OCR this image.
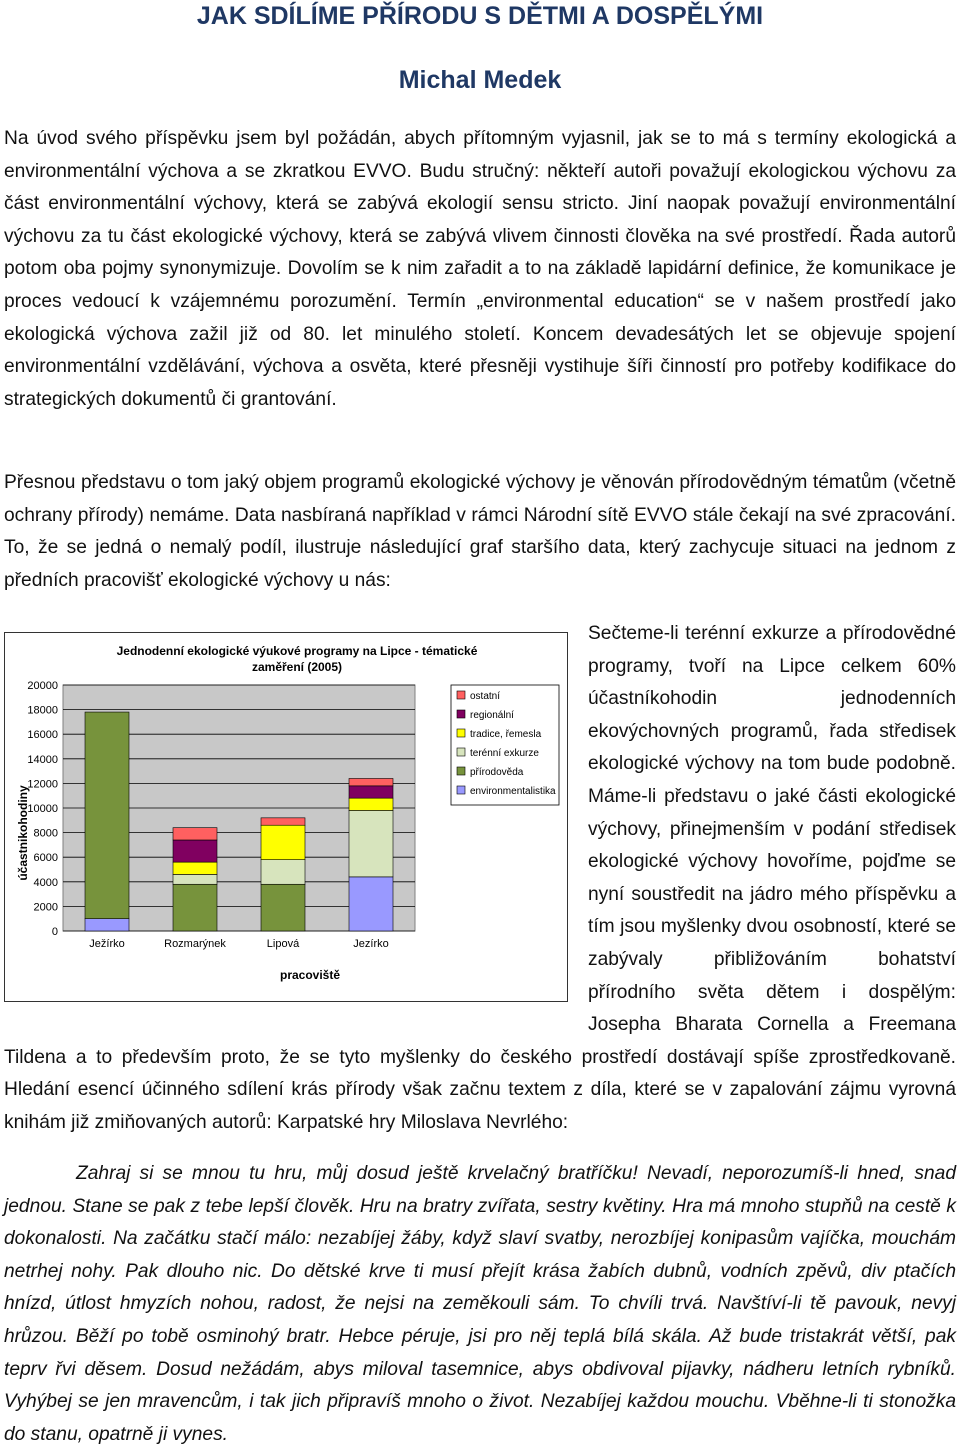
JAK SDÍLÍME PŘÍRODU S DĚTMI A DOSPĚLÝMI
Michal Medek

Na úvod svého příspěvku jsem byl požádán, abych přítomným vyjasnil, jak se to má s termíny ekologická a environmentální výchova a se zkratkou EVVO. Budu stručný: někteří autoři považují ekologickou výchovu za část environmentální výchovy, která se zabývá ekologií sensu stricto. Jiní naopak považují environmentální výchovu za tu část ekologické výchovy, která se zabývá vlivem činnosti člověka na své prostředí. Řada autorů potom oba pojmy synonymizuje. Dovolím se k nim zařadit a to na základě lapidární definice, že komunikace je proces vedoucí k vzájemnému porozumění. Termín „environmental education“ se v našem prostředí jako ekologická výchova zažil již od 80. let minulého století. Koncem devadesátých let se objevuje spojení environmentální vzdělávání, výchova a osvěta, které přesněji vystihuje šíři činností pro potřeby kodifikace do strategických dokumentů či grantování.

Přesnou představu o tom jaký objem programů ekologické výchovy je věnován přírodovědným tématům (včetně ochrany přírody) nemáme. Data nasbíraná například v rámci Národní sítě EVVO stále čekají na své zpracování. To, že se jedná o nemalý podíl, ilustruje následující graf staršího data, který zachycuje situaci na jednom z předních pracovišť ekologické výchovy u nás:

Sečteme-li terénní exkurze a přírodovědné programy, tvoří na Lipce celkem 60% účastníkohodin jednodenních ekovýchovných programů, řada středisek ekologické výchovy na tom bude podobně. Máme-li představu o jaké části ekologické výchovy, přinejmenším v podání středisek ekologické výchovy hovoříme, pojďme se nyní soustředit na jádro mého příspěvku a tím jsou myšlenky dvou osobností, které se zabývaly přibližováním bohatství přírodního světa dětem i dospělým: Josepha Bharata Cornella a Freemana Tildena a to především proto, že se tyto myšlenky do českého prostředí dostávají spíše zprostředkovaně. Hledání esencí účinného sdílení krás přírody však začnu textem z díla, které se v zapalování zájmu vyrovná knihám již zmiňovaných autorů: Karpatské hry Miloslava Nevrlého:
Jednodenní ekologické výukové programy na Lipce - tématické
zaměření (2005)
0
2000
4000
6000
8000
10000
12000
14000
16000
18000
20000
Ježírko	Rozmarýnek	Lipová	Jezírko
ostatní
regionální
tradice, řemesla
terénní exkurze
přírodověda
environmentalistika
účastnikohodiny
pracoviště

Zahraj si se mnou tu hru, můj dosud ještě krvelačný bratříčku! Nevadí, neporozumíš-li hned, snad jednou. Stane se pak z tebe lepší člověk. Hru na bratry zvířata, sestry květiny. Hra má mnoho stupňů na cestě k dokonalosti. Na začátku stačí málo: nezabíjej žáby, když slaví svatby, nerozbíjej konipasům vajíčka, mouchám netrhej nohy. Pak dlouho nic. Do dětské krve ti musí přejít krása žabích dubnů, vodních zpěvů, div ptačích hnízd, útlost hmyzích nohou, radost, že nejsi na zeměkouli sám. To chvíli trvá. Navštíví-li tě pavouk, nevyj hrůzou. Běží po tobě osminohý bratr. Hebce péruje, jsi pro něj teplá bílá skála. Až bude tristakrát větší, pak teprv řvi děsem. Dosud nežádám, abys miloval tasemnice, abys obdivoval pijavky, nádheru letních rybníků. Vyhýbej se jen mravencům, i tak jich připravíš mnoho o život. Nezabíjej každou mouchu. Vběhne-li ti stonožka do stanu, opatrně ji vynes.
